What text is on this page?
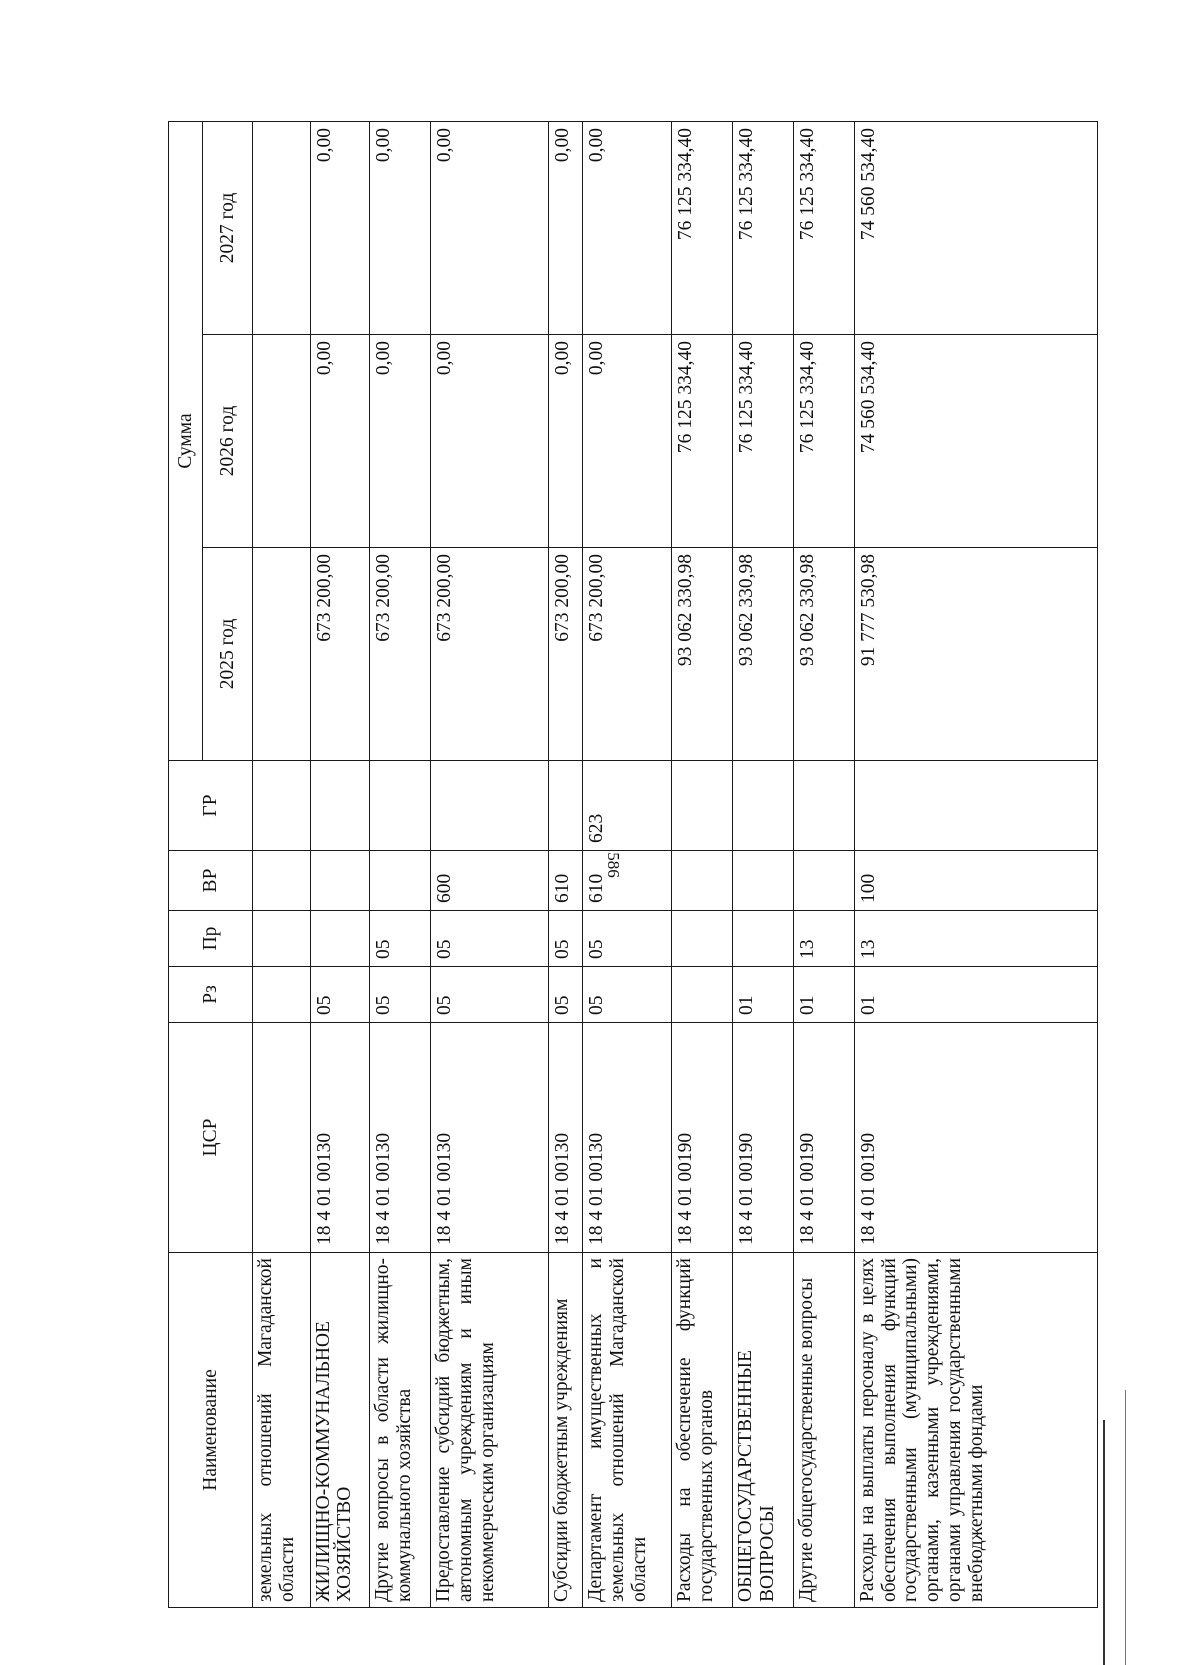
586
Наименование	ЦСР	Рз	Пр	ВР	ГР	Сумма		
						2025 год	2026 год	2027 год
земельных отношений Магаданской области								
ЖИЛИЩНО-КОММУНАЛЬНОЕ ХОЗЯЙСТВО	18 4 01 00130	05				673 200,00	0,00	0,00
Другие вопросы в области жилищно-коммунального хозяйства	18 4 01 00130	05	05			673 200,00	0,00	0,00
Предоставление субсидий бюджетным, автономным учреждениям и иным некоммерческим организациям	18 4 01 00130	05	05	600		673 200,00	0,00	0,00
Субсидии бюджетным учреждениям	18 4 01 00130	05	05	610		673 200,00	0,00	0,00
Департамент имущественных и земельных отношений Магаданской области	18 4 01 00130	05	05	610	623	673 200,00	0,00	0,00
Расходы на обеспечение функций государственных органов	18 4 01 00190					93 062 330,98	76 125 334,40	76 125 334,40
ОБЩЕГОСУДАРСТВЕННЫЕ ВОПРОСЫ	18 4 01 00190	01				93 062 330,98	76 125 334,40	76 125 334,40
Другие общегосударственные вопросы	18 4 01 00190	01	13			93 062 330,98	76 125 334,40	76 125 334,40
Расходы на выплаты персоналу в целях обеспечения выполнения функций государственными (муниципальными) органами, казенными учреждениями, органами управления государственными внебюджетными фондами	18 4 01 00190	01	13	100		91 777 530,98	74 560 534,40	74 560 534,40
